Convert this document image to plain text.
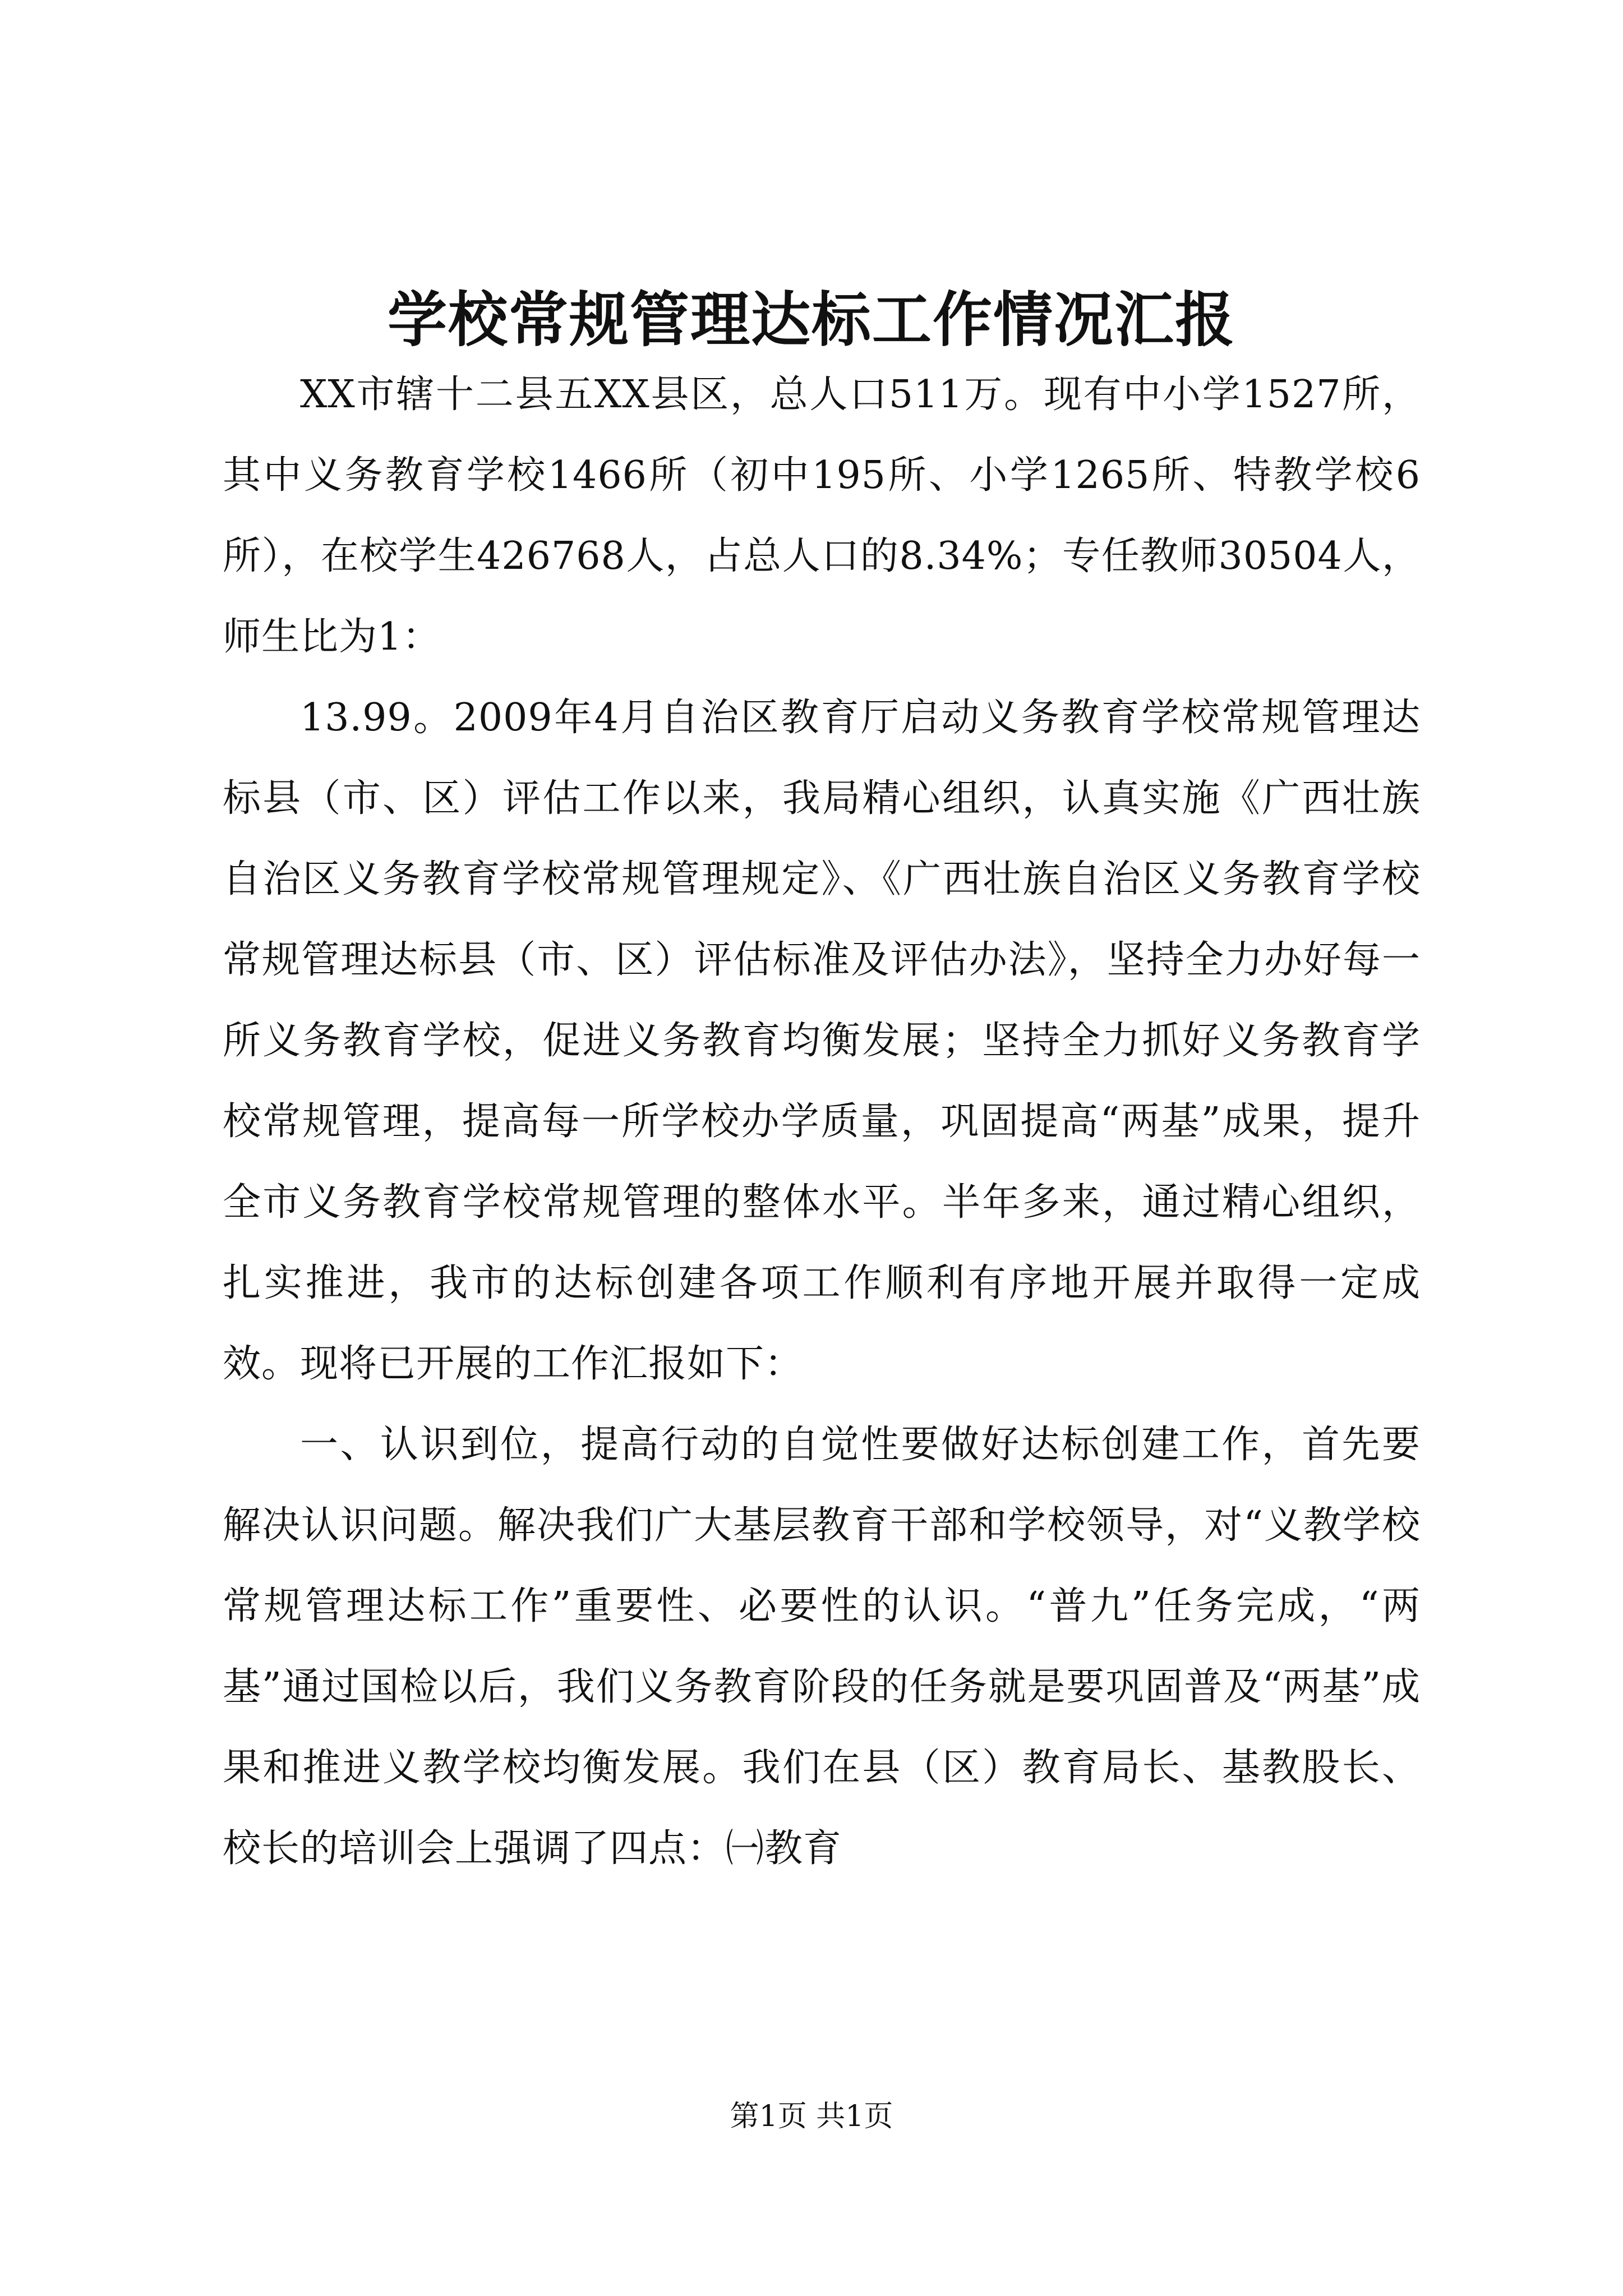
学校常规管理达标工作情况汇报

XX市辖十二县五XX县区，总人口511万。现有中小学1527所，其中义务教育学校1466所（初中195所、小学1265所、特教学校6所），在校学生426768人，占总人口的8.34%；专任教师30504人，师生比为1：

13.99。2009年4月自治区教育厅启动义务教育学校常规管理达标县（市、区）评估工作以来，我局精心组织，认真实施《广西壮族自治区义务教育学校常规管理规定》、《广西壮族自治区义务教育学校常规管理达标县（市、区）评估标准及评估办法》，坚持全力办好每一所义务教育学校，促进义务教育均衡发展；坚持全力抓好义务教育学校常规管理，提高每一所学校办学质量，巩固提高“两基”成果，提升全市义务教育学校常规管理的整体水平。半年多来，通过精心组织，扎实推进，我市的达标创建各项工作顺利有序地开展并取得一定成效。现将已开展的工作汇报如下：

一、认识到位，提高行动的自觉性要做好达标创建工作，首先要解决认识问题。解决我们广大基层教育干部和学校领导，对“义教学校常规管理达标工作”重要性、必要性的认识。“普九”任务完成，“两基”通过国检以后，我们义务教育阶段的任务就是要巩固普及“两基”成果和推进义教学校均衡发展。我们在县（区）教育局长、基教股长、校长的培训会上强调了四点：㈠教育

第1页 共1页
